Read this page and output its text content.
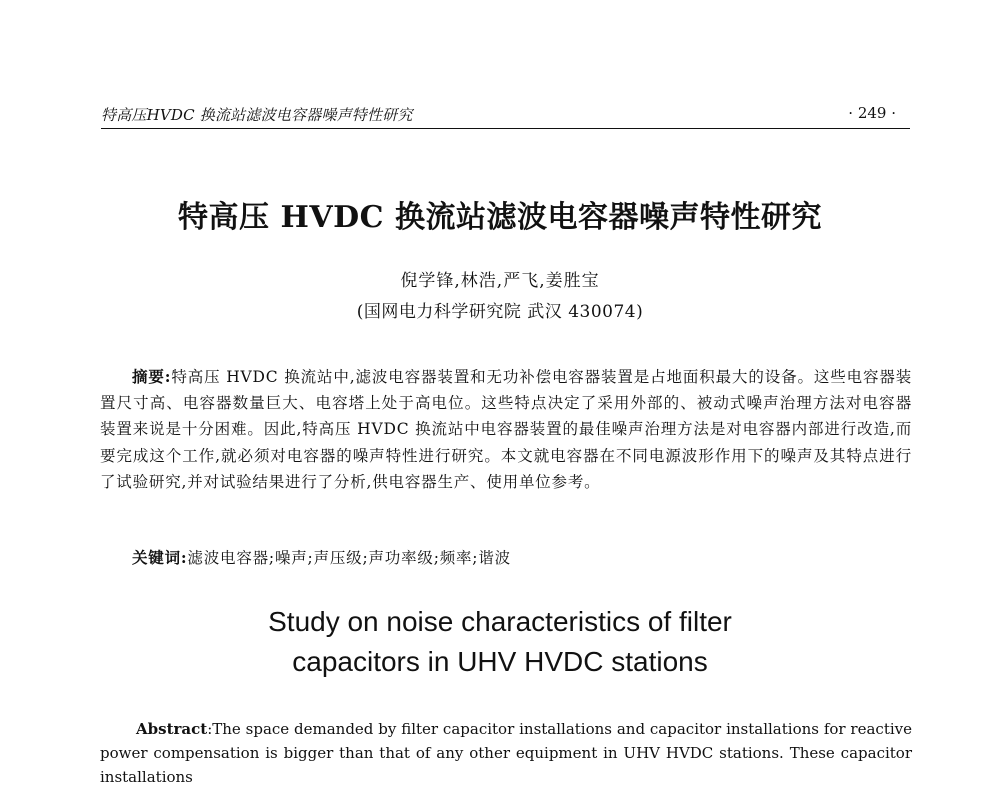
特高压HVDC 换流站滤波电容器噪声特性研究	· 249 ·
特高压 HVDC 换流站滤波电容器噪声特性研究
倪学锋,林浩,严飞,姜胜宝
(国网电力科学研究院 武汉 430074)
摘要:特高压 HVDC 换流站中,滤波电容器装置和无功补偿电容器装置是占地面积最大的设备。这些电容器装置尺寸高、电容器数量巨大、电容塔上处于高电位。这些特点决定了采用外部的、被动式噪声治理方法对电容器装置来说是十分困难。因此,特高压 HVDC 换流站中电容器装置的最佳噪声治理方法是对电容器内部进行改造,而要完成这个工作,就必须对电容器的噪声特性进行研究。本文就电容器在不同电源波形作用下的噪声及其特点进行了试验研究,并对试验结果进行了分析,供电容器生产、使用单位参考。
关键词:滤波电容器;噪声;声压级;声功率级;频率;谐波
Study on noise characteristics of filter
capacitors in UHV HVDC stations
Abstract:The space demanded by filter capacitor installations and capacitor installations for reactive power compensation is bigger than that of any other equipment in UHV HVDC stations. These capacitor installations
